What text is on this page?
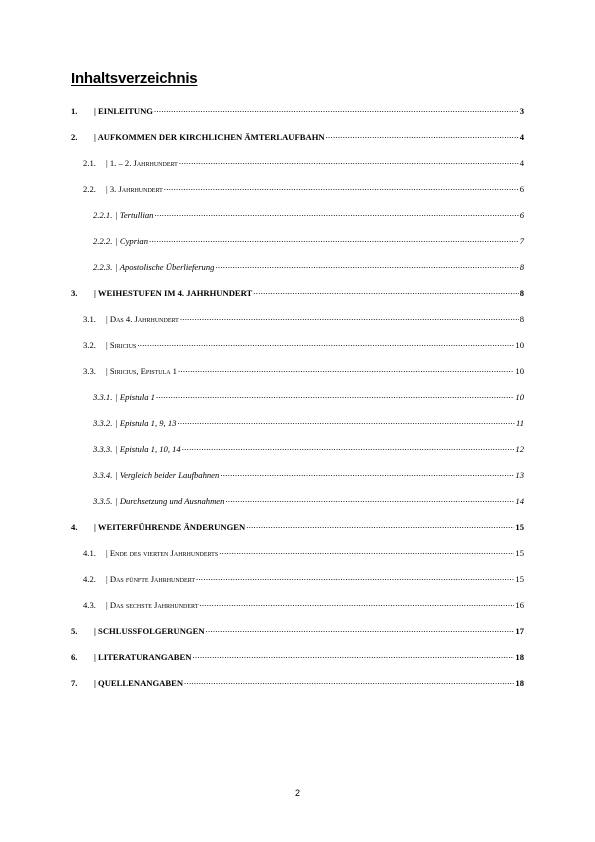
Inhaltsverzeichnis
1.	| EINLEITUNG .....	3
2.	| AUFKOMMEN DER KIRCHLICHEN ÄMTERLAUFBAHN .....	4
2.1.	| 1. – 2. Jahrhundert .....	4
2.2.	| 3. Jahrhundert .....	6
2.2.1. | Tertullian .....	6
2.2.2. | Cyprian .....	7
2.2.3. | Apostolische Überlieferung .....	8
3.	| WEIHESTUFEN IM 4. JAHRHUNDERT .....	8
3.1.	| Das 4. Jahrhundert .....	8
3.2.	| Siricius .....	10
3.3.	| Siricius, Epistula 1 .....	10
3.3.1. | Epistula 1 .....	10
3.3.2. | Epistula 1, 9, 13 .....	11
3.3.3. | Epistula 1, 10, 14 .....	12
3.3.4. | Vergleich beider Laufbahnen .....	13
3.3.5. | Durchsetzung und Ausnahmen .....	14
4.	| WEITERFÜHRENDE ÄNDERUNGEN .....	15
4.1.	| Ende des vierten Jahrhunderts .....	15
4.2.	| Das fünfte Jahrhundert .....	15
4.3.	| Das sechste Jahrhundert .....	16
5.	| SCHLUSSFOLGERUNGEN .....	17
6.	| LITERATURANGABEN .....	18
7.	| QUELLENANGABEN .....	18
2
